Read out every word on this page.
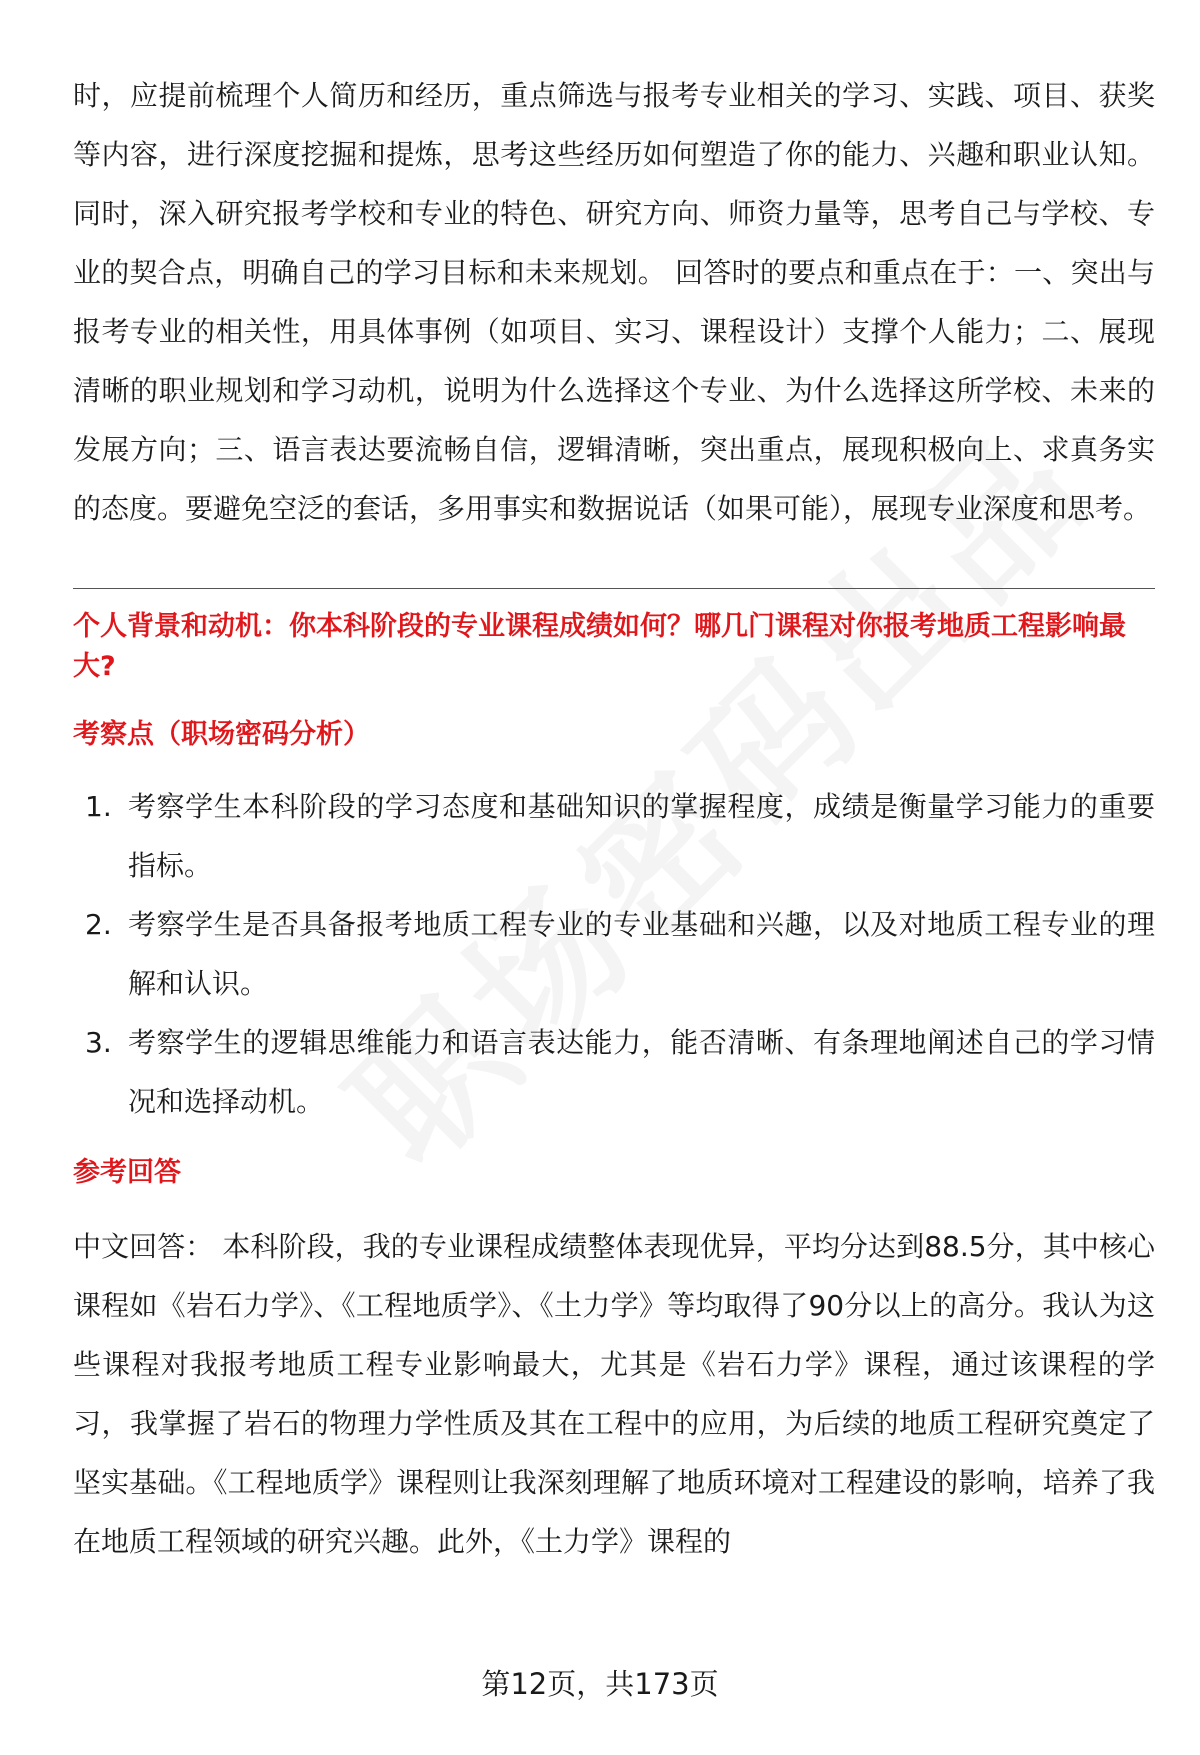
时，应提前梳理个人简历和经历，重点筛选与报考专业相关的学习、实践、项目、获奖等内容，进行深度挖掘和提炼，思考这些经历如何塑造了你的能力、兴趣和职业认知。同时，深入研究报考学校和专业的特色、研究方向、师资力量等，思考自己与学校、专业的契合点，明确自己的学习目标和未来规划。 回答时的要点和重点在于：一、突出与报考专业的相关性，用具体事例（如项目、实习、课程设计）支撑个人能力；二、展现清晰的职业规划和学习动机，说明为什么选择这个专业、为什么选择这所学校、未来的发展方向；三、语言表达要流畅自信，逻辑清晰，突出重点，展现积极向上、求真务实的态度。要避免空泛的套话，多用事实和数据说话（如果可能），展现专业深度和思考。

个人背景和动机：你本科阶段的专业课程成绩如何？哪几门课程对你报考地质工程影响最大?

考察点（职场密码分析）

1. 考察学生本科阶段的学习态度和基础知识的掌握程度，成绩是衡量学习能力的重要指标。
2. 考察学生是否具备报考地质工程专业的专业基础和兴趣，以及对地质工程专业的理解和认识。
3. 考察学生的逻辑思维能力和语言表达能力，能否清晰、有条理地阐述自己的学习情况和选择动机。

参考回答

中文回答： 本科阶段，我的专业课程成绩整体表现优异，平均分达到88.5分，其中核心课程如《岩石力学》、《工程地质学》、《土力学》等均取得了90分以上的高分。我认为这些课程对我报考地质工程专业影响最大，尤其是《岩石力学》课程，通过该课程的学习，我掌握了岩石的物理力学性质及其在工程中的应用，为后续的地质工程研究奠定了坚实基础。《工程地质学》课程则让我深刻理解了地质环境对工程建设的影响，培养了我在地质工程领域的研究兴趣。此外，《土力学》课程的

第12页，共173页
